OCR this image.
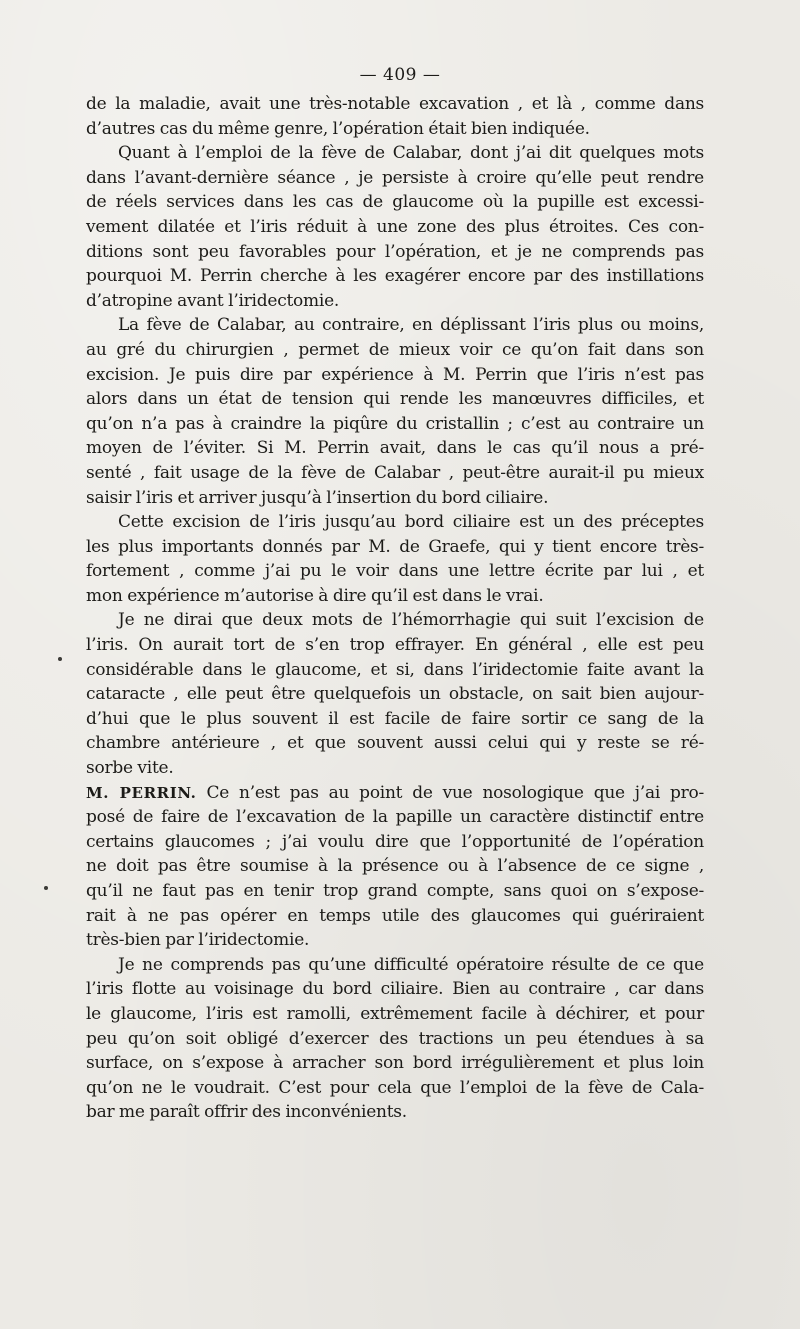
— 409 —
de la maladie, avait une très-notable excavation , et là , comme dans
d’autres cas du même genre, l’opération était bien indiquée.
Quant à l’emploi de la fève de Calabar, dont j’ai dit quelques mots
dans l’avant-dernière séance , je persiste à croire qu’elle peut rendre
de réels services dans les cas de glaucome où la pupille est excessi-
vement dilatée et l’iris réduit à une zone des plus étroites. Ces con-
ditions sont peu favorables pour l’opération, et je ne comprends pas
pourquoi M. Perrin cherche à les exagérer encore par des instillations
d’atropine avant l’iridectomie.
La fève de Calabar, au contraire, en déplissant l’iris plus ou moins,
au gré du chirurgien , permet de mieux voir ce qu’on fait dans son
excision. Je puis dire par expérience à M. Perrin que l’iris n’est pas
alors dans un état de tension qui rende les manœuvres difficiles, et
qu’on n’a pas à craindre la piqûre du cristallin ; c’est au contraire un
moyen de l’éviter. Si M. Perrin avait, dans le cas qu’il nous a pré-
senté , fait usage de la fève de Calabar , peut-être aurait-il pu mieux
saisir l’iris et arriver jusqu’à l’insertion du bord ciliaire.
Cette excision de l’iris jusqu’au bord ciliaire est un des préceptes
les plus importants donnés par M. de Graefe, qui y tient encore très-
fortement , comme j’ai pu le voir dans une lettre écrite par lui , et
mon expérience m’autorise à dire qu’il est dans le vrai.
Je ne dirai que deux mots de l’hémorrhagie qui suit l’excision de
l’iris. On aurait tort de s’en trop effrayer. En général , elle est peu
considérable dans le glaucome, et si, dans l’iridectomie faite avant la
cataracte , elle peut être quelquefois un obstacle, on sait bien aujour-
d’hui que le plus souvent il est facile de faire sortir ce sang de la
chambre antérieure , et que souvent aussi celui qui y reste se ré-
sorbe vite.
M. PERRIN. Ce n’est pas au point de vue nosologique que j’ai pro-
posé de faire de l’excavation de la papille un caractère distinctif entre
certains glaucomes ; j’ai voulu dire que l’opportunité de l’opération
ne doit pas être soumise à la présence ou à l’absence de ce signe ,
qu’il ne faut pas en tenir trop grand compte, sans quoi on s’expose-
rait à ne pas opérer en temps utile des glaucomes qui guériraient
très-bien par l’iridectomie.
Je ne comprends pas qu’une difficulté opératoire résulte de ce que
l’iris flotte au voisinage du bord ciliaire. Bien au contraire , car dans
le glaucome, l’iris est ramolli, extrêmement facile à déchirer, et pour
peu qu’on soit obligé d’exercer des tractions un peu étendues à sa
surface, on s’expose à arracher son bord irrégulièrement et plus loin
qu’on ne le voudrait. C’est pour cela que l’emploi de la fève de Cala-
bar me paraît offrir des inconvénients.
